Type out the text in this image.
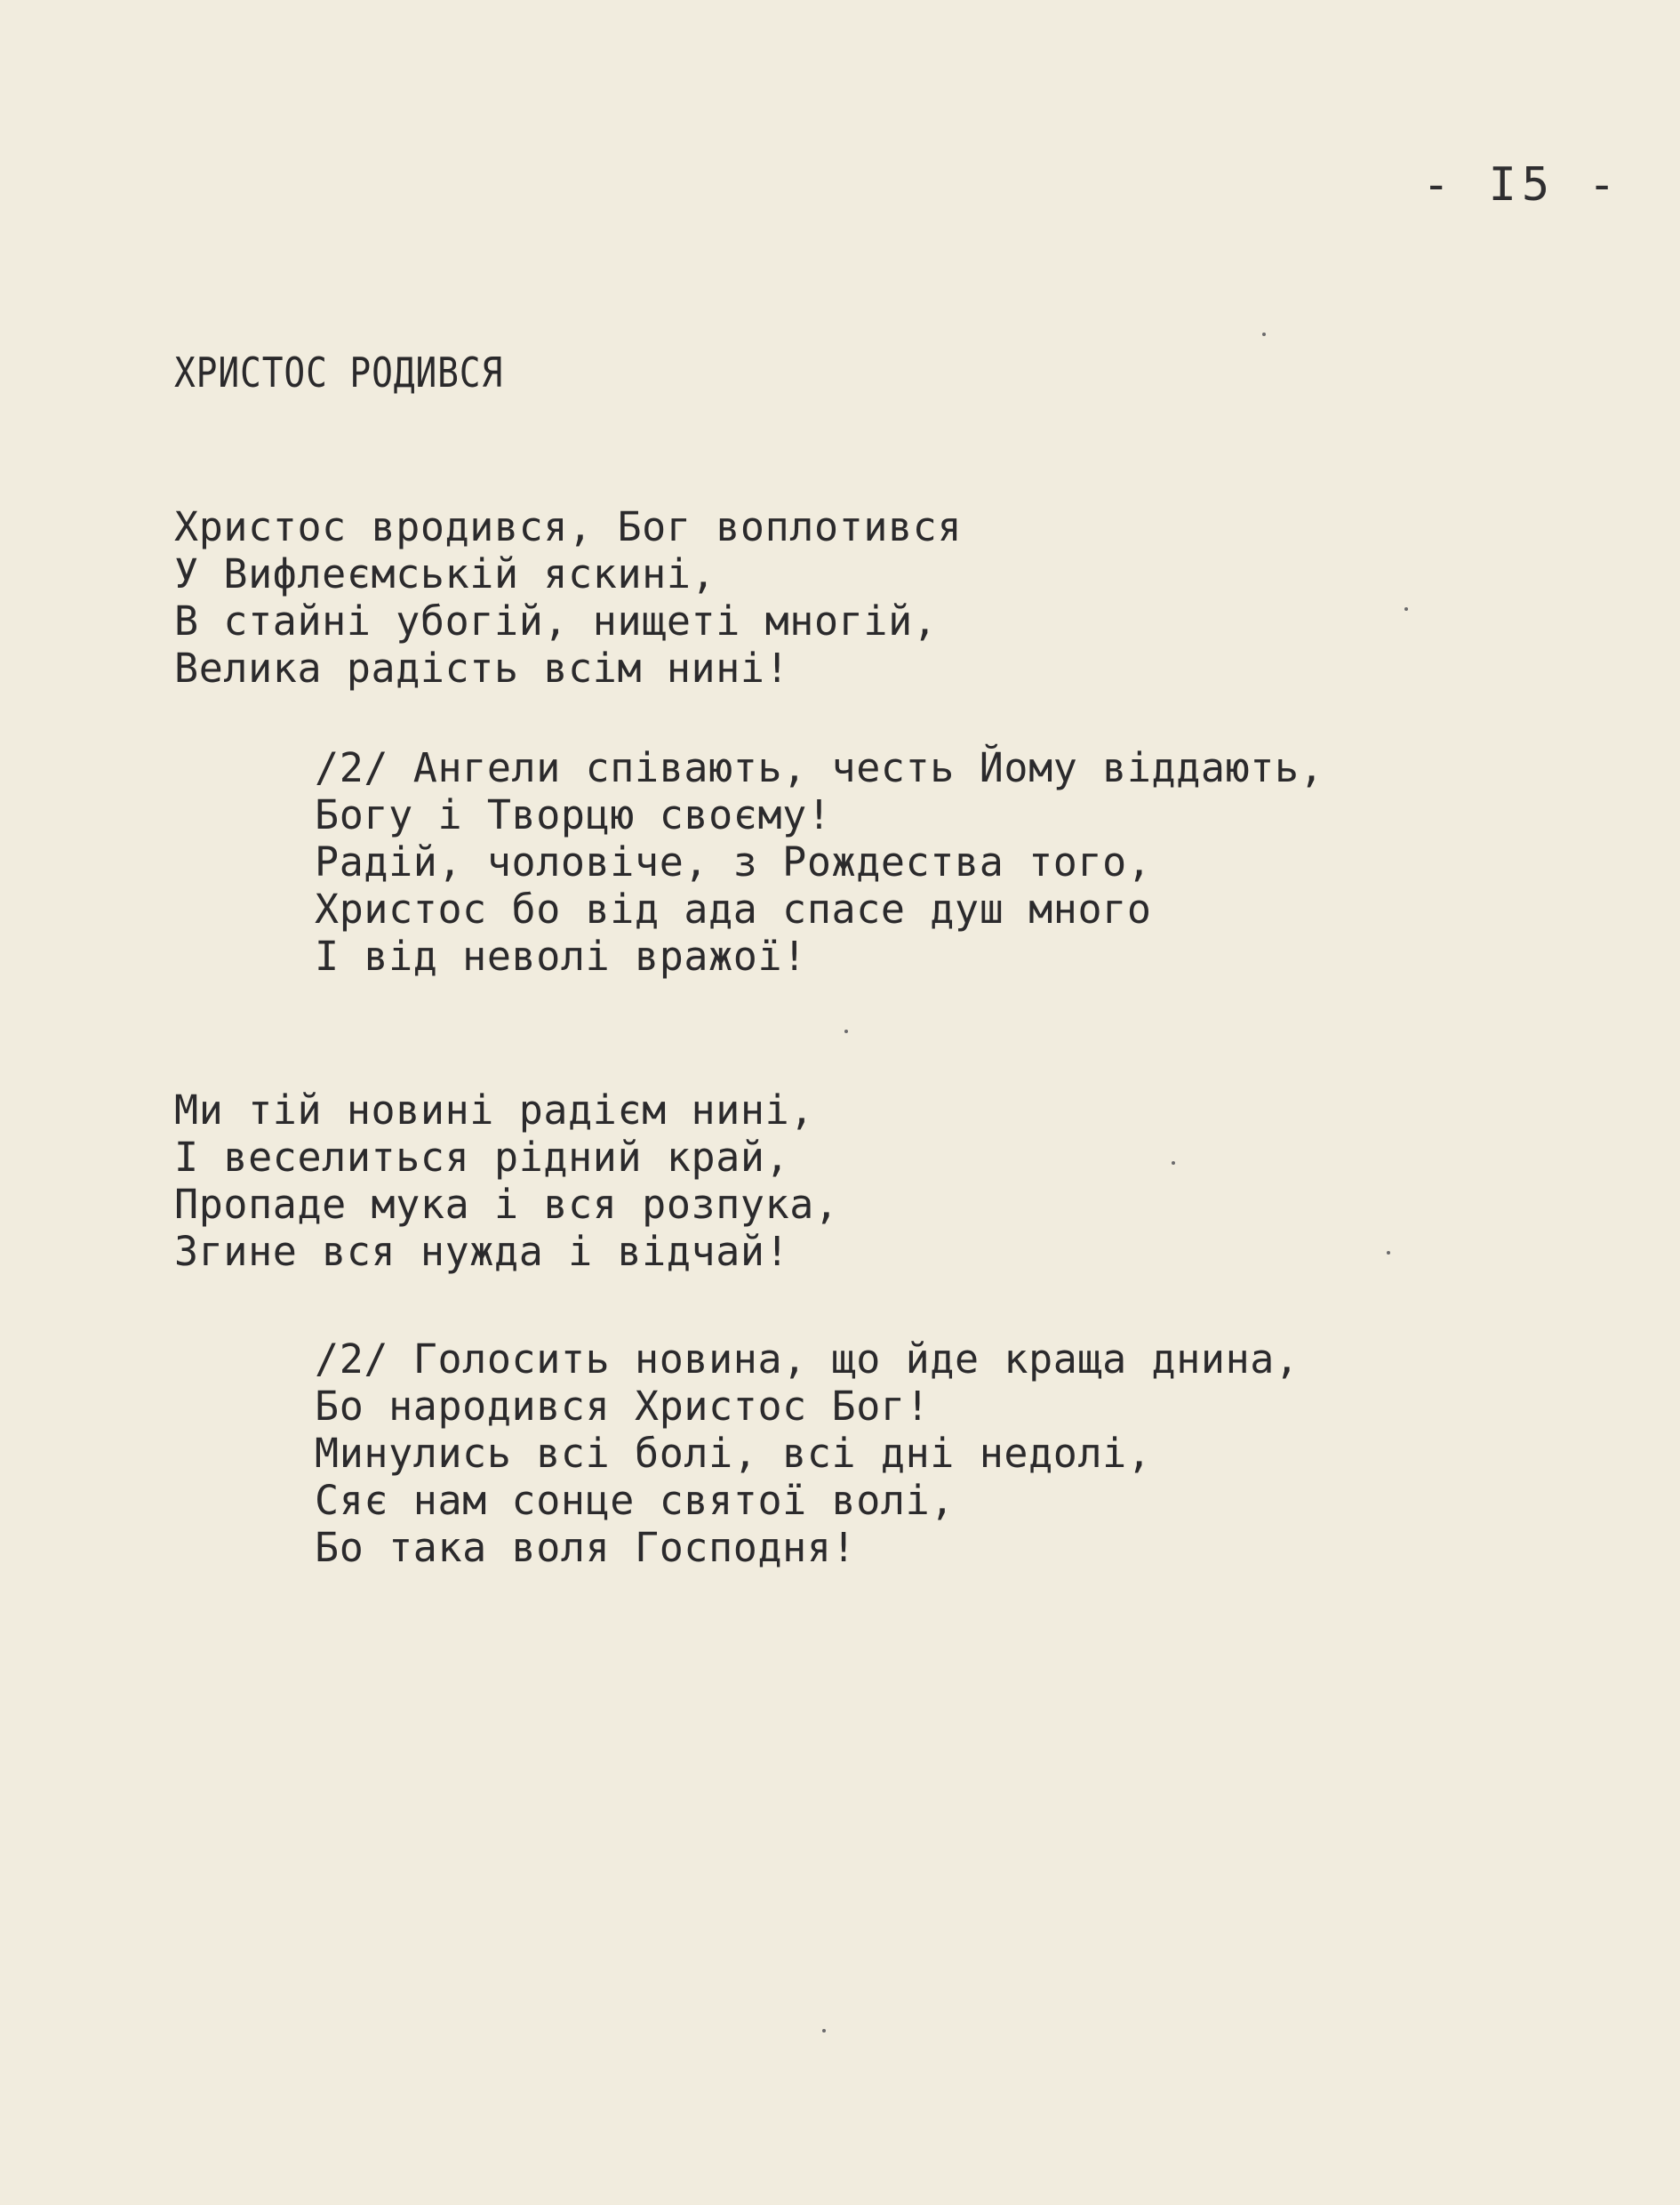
- I5 -
ХРИСТОС РОДИВСЯ
Христос вродився, Бог воплотився
У Вифлеємській яскині,
В стайні убогій, нищеті многій,
Велика радість всім нині!
/2/ Ангели співають, честь Йому віддають,
Богу і Творцю своєму!
Радій, чоловіче, з Рождества того,
Христос бо від ада спасе душ много
І від неволі вражої!
Ми тій новині радієм нині,
І веселиться рідний край,
Пропаде мука і вся розпука,
Згине вся нужда і відчай!
/2/ Голосить новина, що йде краща днина,
Бо народився Христос Бог!
Минулись всі болі, всі дні недолі,
Сяє нам сонце святої волі,
Бо така воля Господня!
